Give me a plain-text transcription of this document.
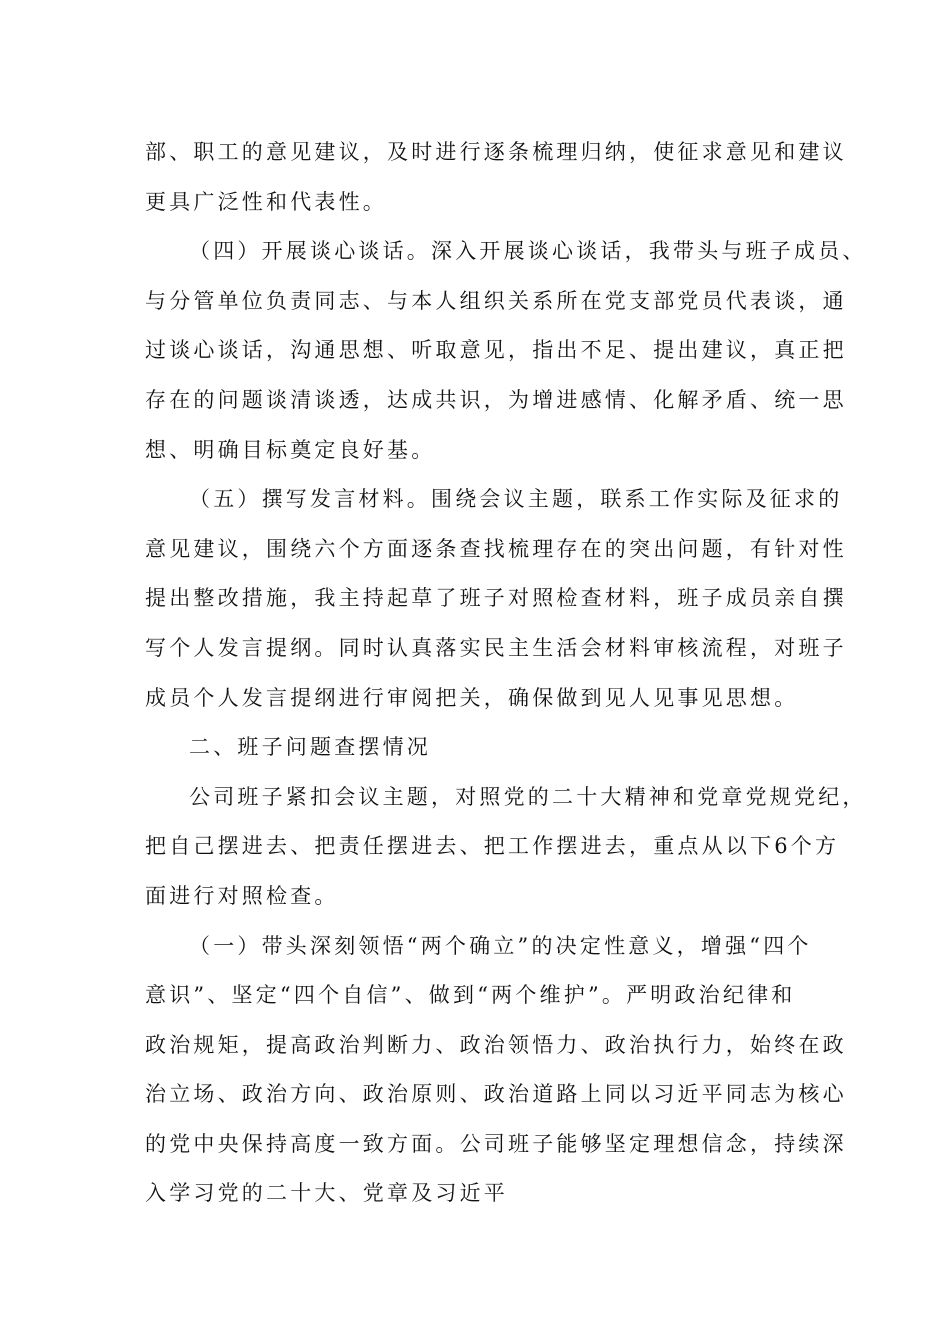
部、职工的意见建议，及时进行逐条梳理归纳，使征求意见和建议
更具广泛性和代表性。
（四）开展谈心谈话。深入开展谈心谈话，我带头与班子成员、
与分管单位负责同志、与本人组织关系所在党支部党员代表谈，通
过谈心谈话，沟通思想、听取意见，指出不足、提出建议，真正把
存在的问题谈清谈透，达成共识，为增进感情、化解矛盾、统一思
想、明确目标奠定良好基。
（五）撰写发言材料。围绕会议主题，联系工作实际及征求的
意见建议，围绕六个方面逐条查找梳理存在的突出问题，有针对性
提出整改措施，我主持起草了班子对照检查材料，班子成员亲自撰
写个人发言提纲。同时认真落实民主生活会材料审核流程，对班子
成员个人发言提纲进行审阅把关，确保做到见人见事见思想。
二、班子问题查摆情况
公司班子紧扣会议主题，对照党的二十大精神和党章党规党纪，
把自己摆进去、把责任摆进去、把工作摆进去，重点从以下6个方
面进行对照检查。
（一）带头深刻领悟“两个确立”的决定性意义，增强“四个
意识”、坚定“四个自信”、做到“两个维护”。严明政治纪律和
政治规矩，提高政治判断力、政治领悟力、政治执行力，始终在政
治立场、政治方向、政治原则、政治道路上同以习近平同志为核心
的党中央保持高度一致方面。公司班子能够坚定理想信念，持续深
入学习党的二十大、党章及习近平
